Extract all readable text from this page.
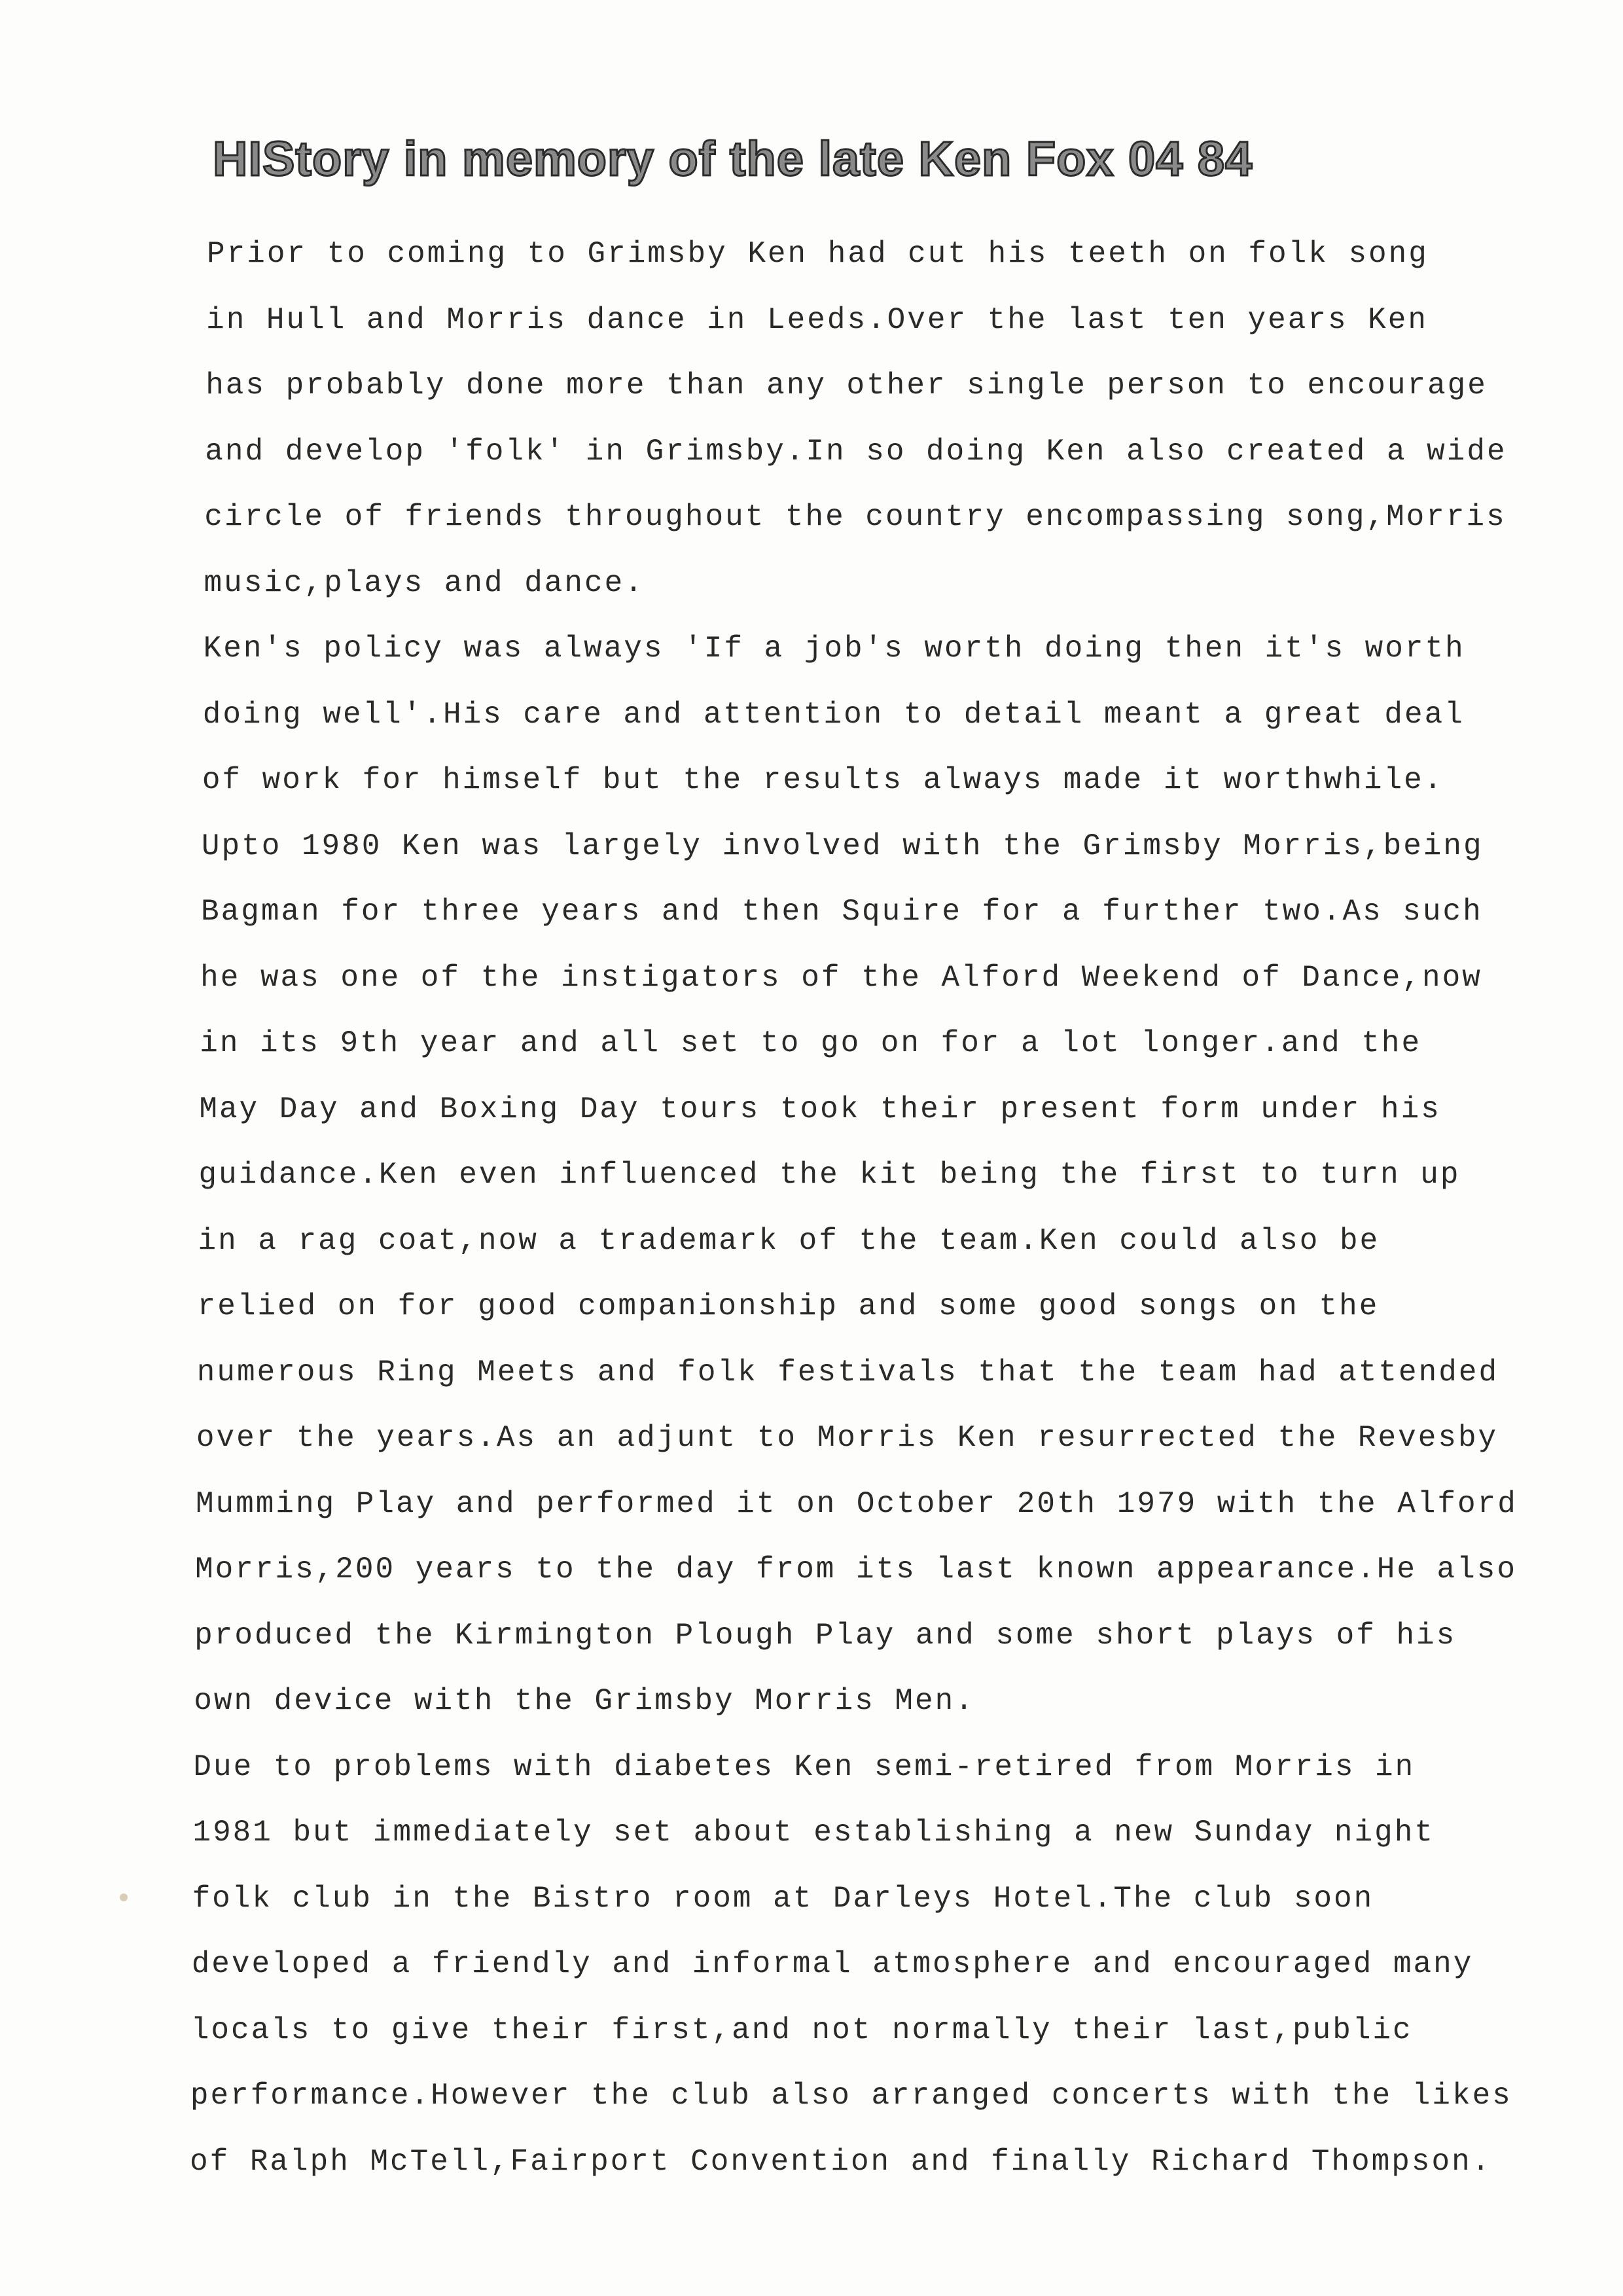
HIStory in memory of the late Ken Fox 04 84

Prior to coming to Grimsby Ken had cut his teeth on folk song

in Hull and Morris dance in Leeds.Over the last ten years Ken

has probably done more than any other single person to encourage

and develop 'folk' in Grimsby.In so doing Ken also created a wide

circle of friends throughout the country encompassing song,Morris

music,plays and dance.

Ken's policy was always 'If a job's worth doing then it's worth

doing well'.His care and attention to detail meant a great deal

of work for himself but the results always made it worthwhile.

Upto 1980 Ken was largely involved with the Grimsby Morris,being

Bagman for three years and then Squire for a further two.As such

he was one of the instigators of the Alford Weekend of Dance,now

in its 9th year and all set to go on for a lot longer.and the

May Day and Boxing Day tours took their present form under his

guidance.Ken even influenced the kit being the first to turn up

in a rag coat,now a trademark of the team.Ken could also be

relied on for good companionship and some good songs on the

numerous Ring Meets and folk festivals that the team had attended

over the years.As an adjunt to Morris Ken resurrected the Revesby

Mumming Play and performed it on October 20th 1979 with the Alford

Morris,200 years to the day from its last known appearance.He also

produced the Kirmington Plough Play and some short plays of his

own device with the Grimsby Morris Men.

Due to problems with diabetes Ken semi-retired from Morris in

1981 but immediately set about establishing a new Sunday night

folk club in the Bistro room at Darleys Hotel.The club soon

developed a friendly and informal atmosphere and encouraged many

locals to give their first,and not normally their last,public

performance.However the club also arranged concerts with the likes

of Ralph McTell,Fairport Convention and finally Richard Thompson.
